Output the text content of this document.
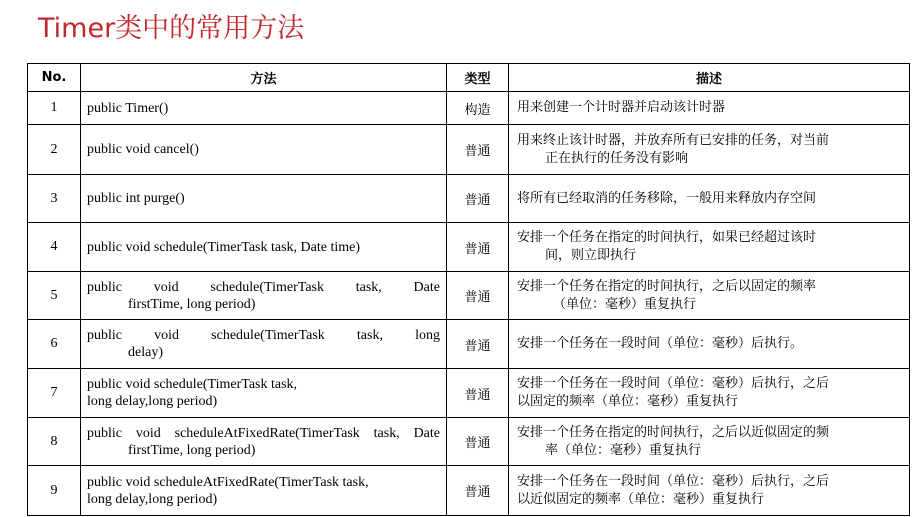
Timer类中的常用方法
No.	方法	类型	描述
1	public Timer()	构造	用来创建一个计时器并启动该计时器
2	public void cancel()	普通	用来终止该计时器，并放弃所有已安排的任务，对当前
正在执行的任务没有影响

3	public int purge()	普通	将所有已经取消的任务移除，一般用来释放内存空间
4	public void schedule(TimerTask task, Date time)	普通	安排一个任务在指定的时间执行，如果已经超过该时
间，则立即执行

5	public void schedule(TimerTask task, Date
firstTime, long period)	普通	安排一个任务在指定的时间执行，之后以固定的频率
（单位：毫秒）重复执行

6	public void schedule(TimerTask task, long
delay)	普通	安排一个任务在一段时间（单位：毫秒）后执行。
7	public void schedule(TimerTask task,
long delay,long period)	普通	安排一个任务在一段时间（单位：毫秒）后执行，之后
以固定的频率（单位：毫秒）重复执行

8	public void scheduleAtFixedRate(TimerTask task, Date
firstTime, long period)	普通	安排一个任务在指定的时间执行，之后以近似固定的频
率（单位：毫秒）重复执行

9	public void scheduleAtFixedRate(TimerTask task,
long delay,long period)	普通	安排一个任务在一段时间（单位：毫秒）后执行，之后
以近似固定的频率（单位：毫秒）重复执行
